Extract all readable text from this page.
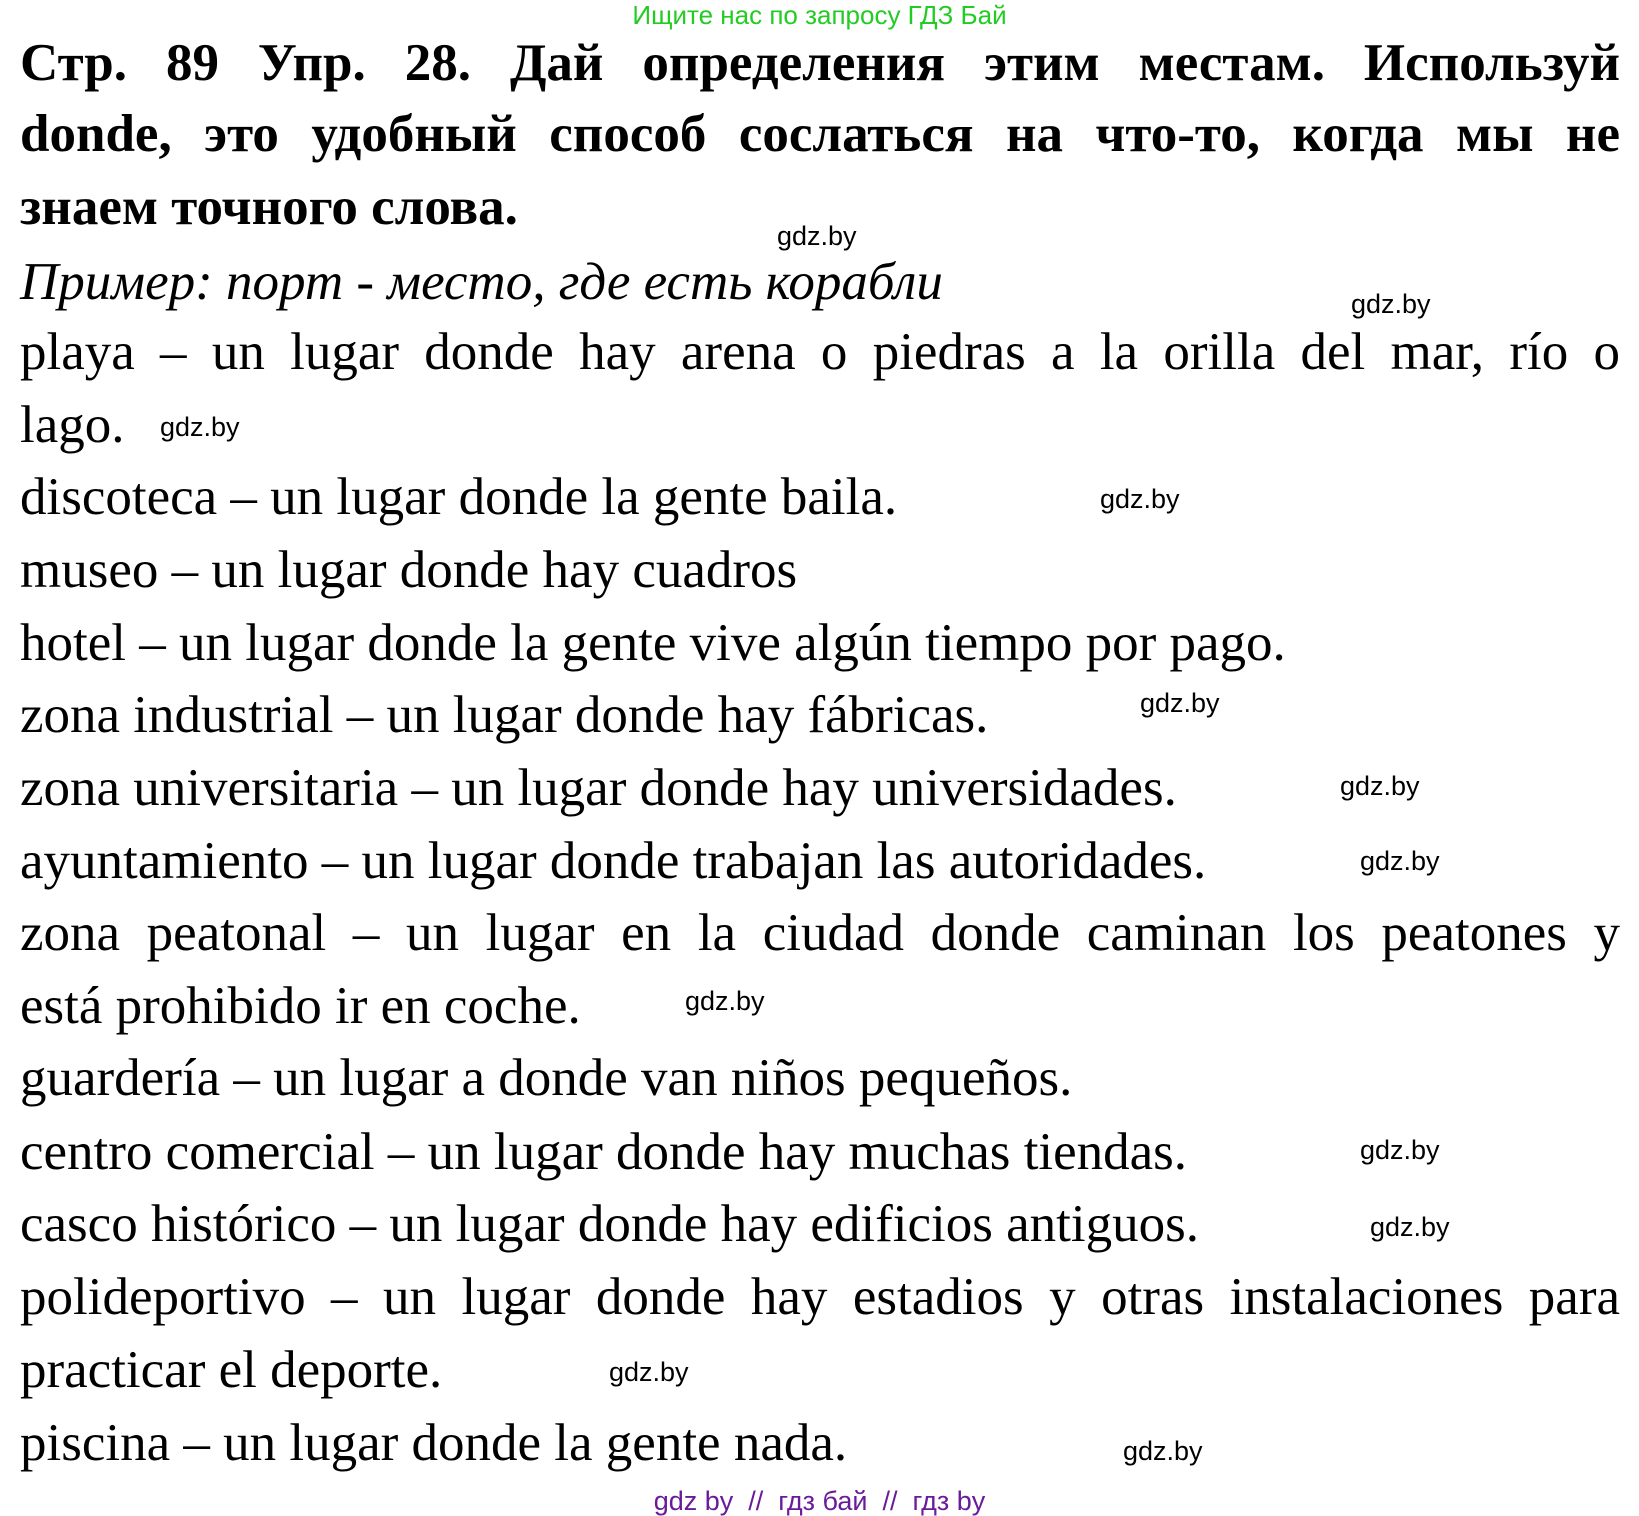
Ищите нас по запросу ГДЗ Бай
Стр. 89 Упр. 28. Дай определения этим местам. Используй
donde, это удобный способ сослаться на что-то, когда мы не
знаем точного слова.
Пример: порт - место, где есть корабли
playa – un lugar donde hay arena o piedras a la orilla del mar, río o
lago.
discoteca – un lugar donde la gente baila.
museo – un lugar donde hay cuadros
hotel – un lugar donde la gente vive algún tiempo por pago.
zona industrial – un lugar donde hay fábricas.
zona universitaria – un lugar donde hay universidades.
ayuntamiento – un lugar donde trabajan las autoridades.
zona peatonal – un lugar en la ciudad donde caminan los peatones y
está prohibido ir en coche.
guardería – un lugar a donde van niños pequeños.
centro comercial – un lugar donde hay muchas tiendas.
casco histórico – un lugar donde hay edificios antiguos.
polideportivo – un lugar donde hay estadios y otras instalaciones para
practicar el deporte.
piscina – un lugar donde la gente nada.
gdz.by
gdz.by
gdz.by
gdz.by
gdz.by
gdz.by
gdz.by
gdz.by
gdz.by
gdz.by
gdz.by
gdz.by
gdz by  //  гдз бай  //  гдз by
